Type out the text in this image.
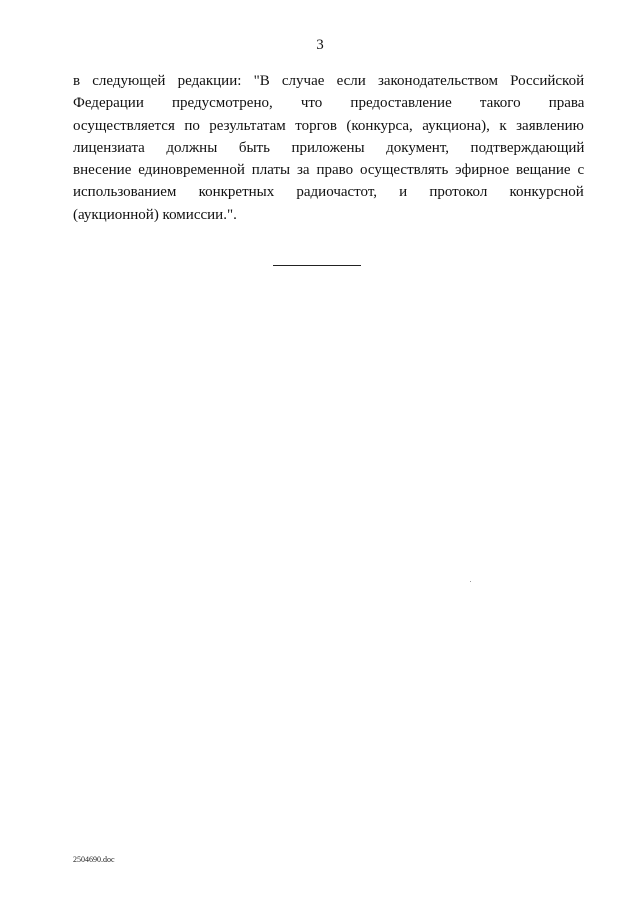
3

в следующей редакции: "В случае если законодательством Российской
Федерации предусмотрено, что предоставление такого права
осуществляется по результатам торгов (конкурса, аукциона), к заявлению
лицензиата должны быть приложены документ, подтверждающий
внесение единовременной платы за право осуществлять эфирное вещание с
использованием конкретных радиочастот, и протокол конкурсной
(аукционной) комиссии.".

2504690.doc
